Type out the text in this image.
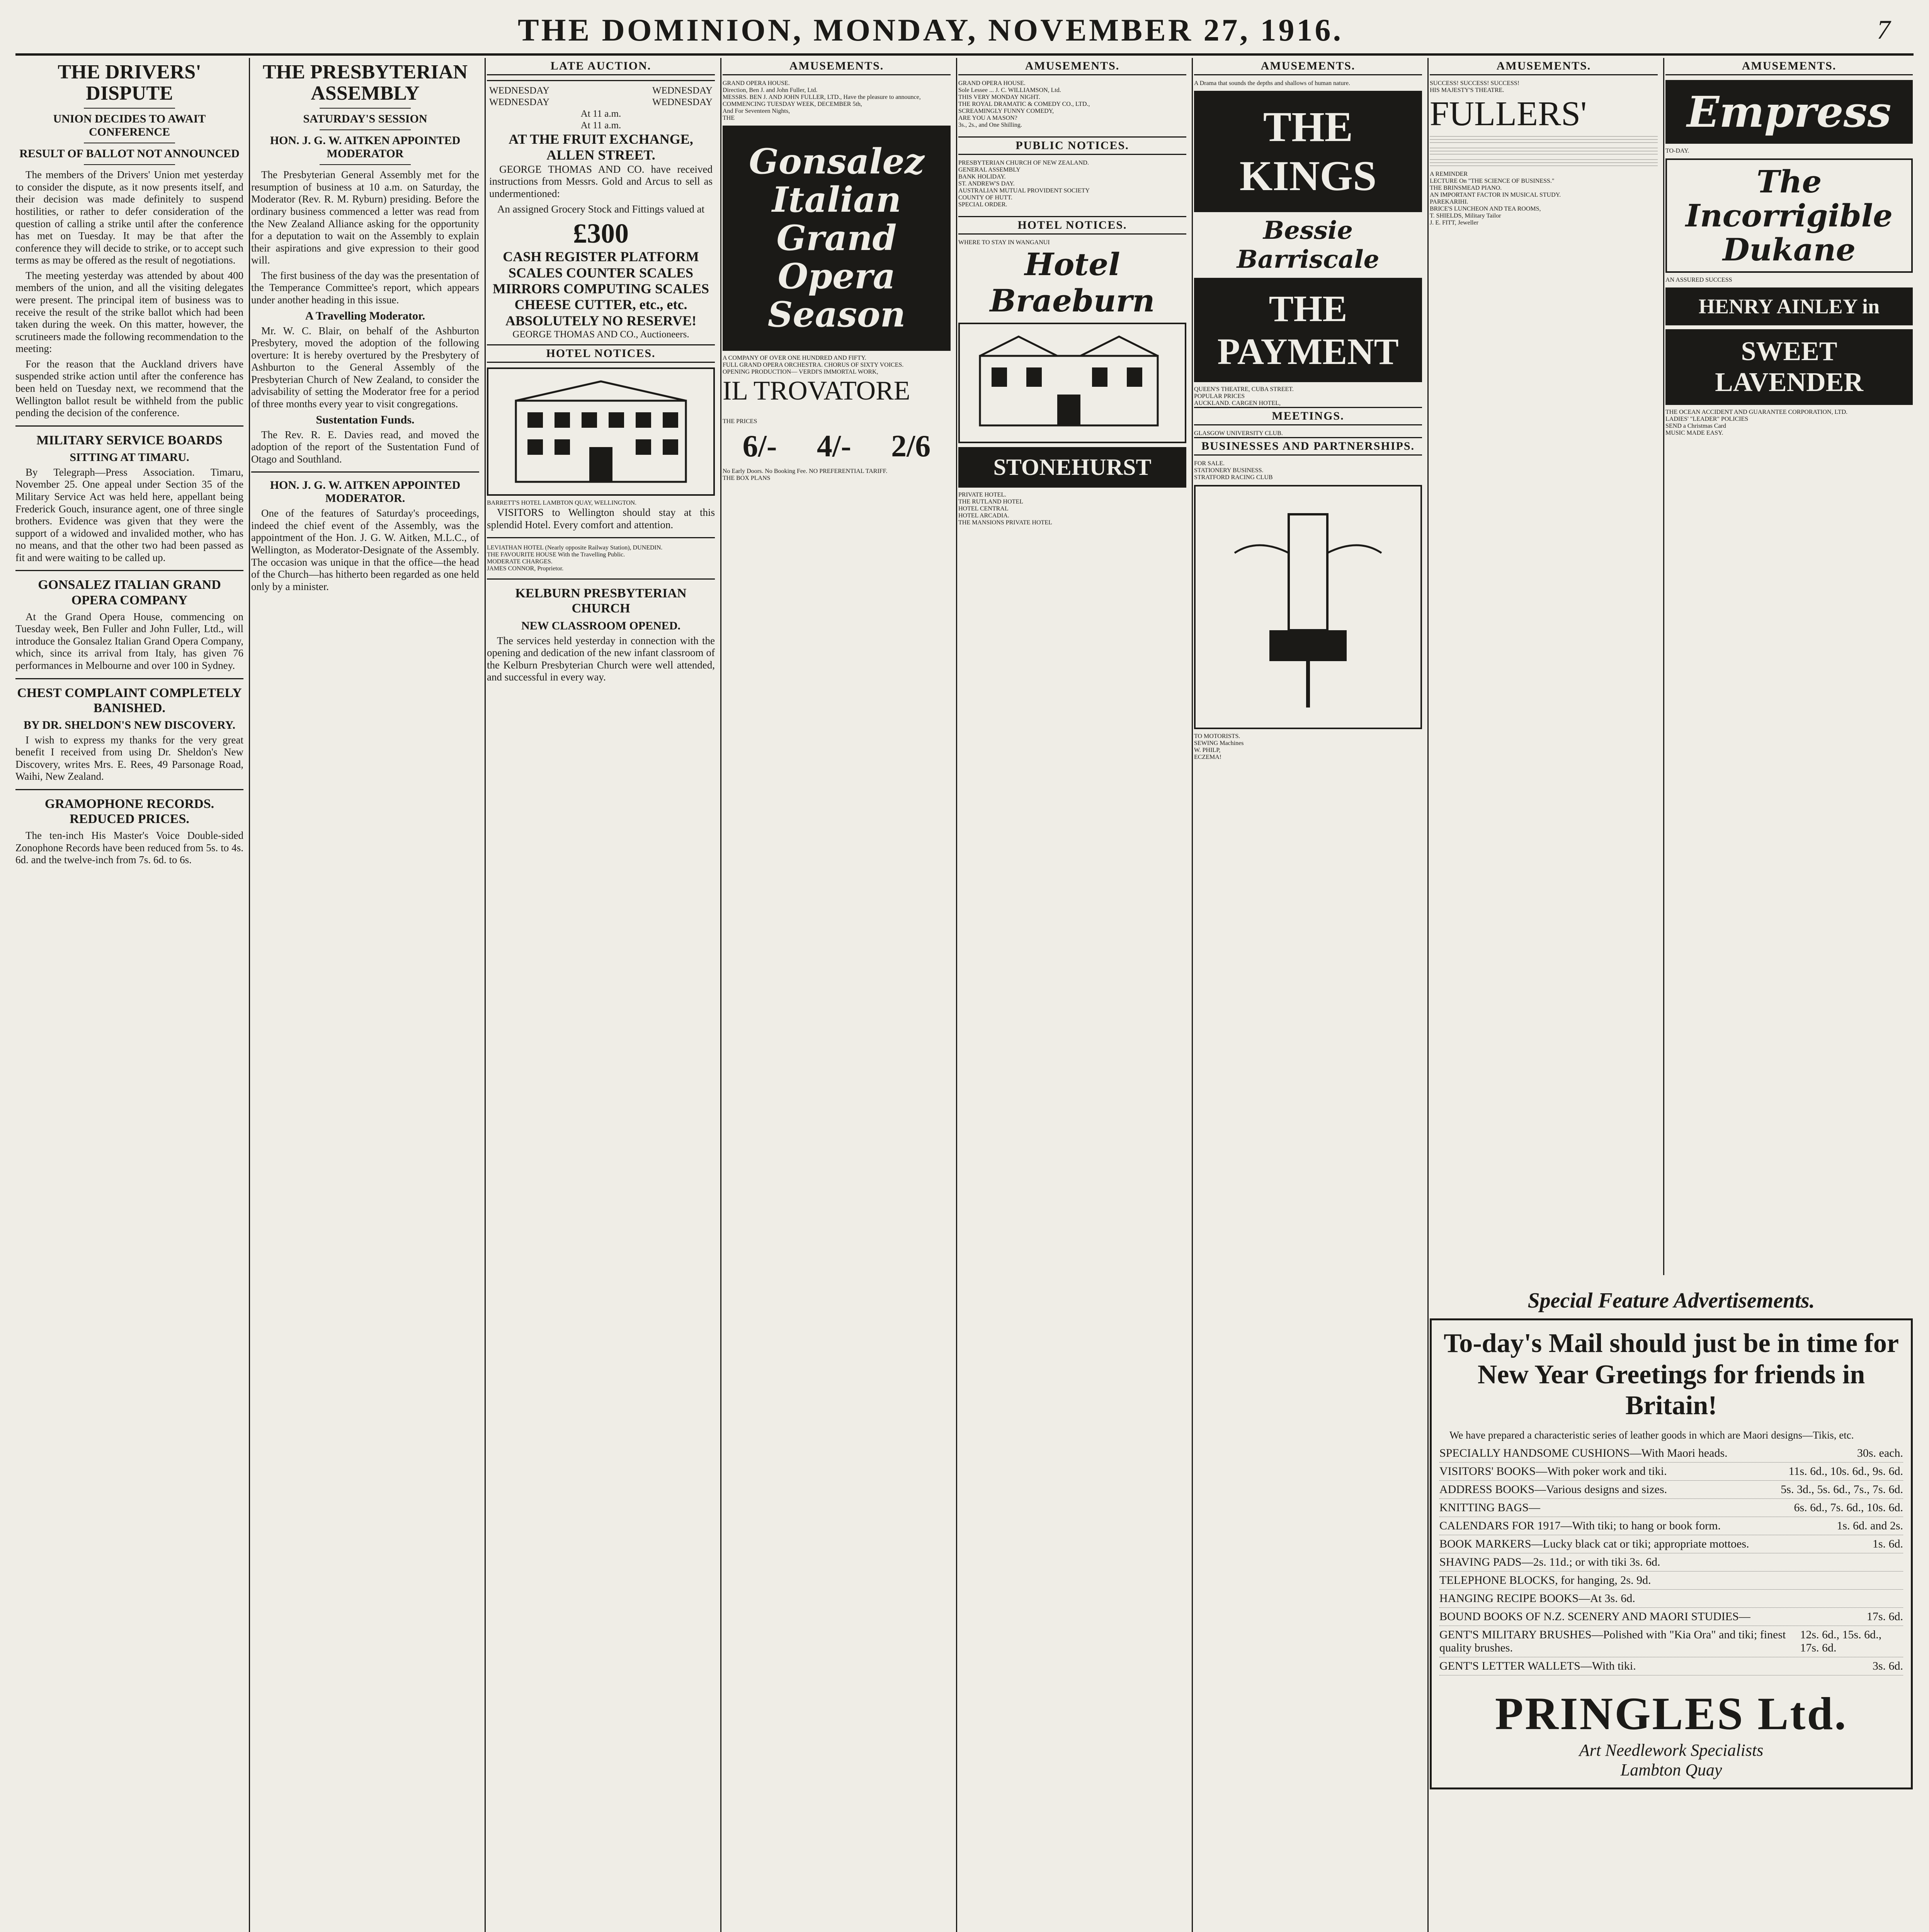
THE DOMINION, MONDAY, NOVEMBER 27, 1916.	7
THE DRIVERS' DISPUTE
UNION DECIDES TO AWAIT CONFERENCE
RESULT OF BALLOT NOT ANNOUNCED

The members of the Drivers' Union met yesterday to consider the dispute, as it now presents itself, and their decision was made definitely to suspend hostilities, or rather to defer consideration of the question of calling a strike until after the conference has met on Tuesday. It may be that after the conference they will decide to strike, or to accept such terms as may be offered as the result of negotiations.

The meeting yesterday was attended by about 400 members of the union, and all the visiting delegates were present. The principal item of business was to receive the result of the strike ballot which had been taken during the week. On this matter, however, the scrutineers made the following recommendation to the meeting:

For the reason that the Auckland drivers have suspended strike action until after the conference has been held on Tuesday next, we recommend that the Wellington ballot result be withheld from the public pending the decision of the conference.

MILITARY SERVICE BOARDS
SITTING AT TIMARU.

By Telegraph—Press Association. Timaru, November 25. One appeal under Section 35 of the Military Service Act was held here, appellant being Frederick Gouch, insurance agent, one of three single brothers. Evidence was given that they were the support of a widowed and invalided mother, who has no means, and that the other two had been passed as fit and were waiting to be called up.

GONSALEZ ITALIAN GRAND OPERA COMPANY

At the Grand Opera House, commencing on Tuesday week, Ben Fuller and John Fuller, Ltd., will introduce the Gonsalez Italian Grand Opera Company, which, since its arrival from Italy, has given 76 performances in Melbourne and over 100 in Sydney.

CHEST COMPLAINT COMPLETELY BANISHED.
BY DR. SHELDON'S NEW DISCOVERY.

I wish to express my thanks for the very great benefit I received from using Dr. Sheldon's New Discovery, writes Mrs. E. Rees, 49 Parsonage Road, Waihi, New Zealand.

GRAMOPHONE RECORDS. REDUCED PRICES.

The ten-inch His Master's Voice Double-sided Zonophone Records have been reduced from 5s. to 4s. 6d. and the twelve-inch from 7s. 6d. to 6s.

THE PRESBYTERIAN ASSEMBLY
SATURDAY'S SESSION
HON. J. G. W. AITKEN APPOINTED MODERATOR

The Presbyterian General Assembly met for the resumption of business at 10 a.m. on Saturday, the Moderator (Rev. R. M. Ryburn) presiding. Before the ordinary business commenced a letter was read from the New Zealand Alliance asking for the opportunity for a deputation to wait on the Assembly to explain their aspirations and give expression to their good will.

The first business of the day was the presentation of the Temperance Committee's report, which appears under another heading in this issue.

A Travelling Moderator.

Mr. W. C. Blair, on behalf of the Ashburton Presbytery, moved the adoption of the following overture: It is hereby overtured by the Presbytery of Ashburton to the General Assembly of the Presbyterian Church of New Zealand, to consider the advisability of setting the Moderator free for a period of three months every year to visit congregations.

Sustentation Funds.

The Rev. R. E. Davies read, and moved the adoption of the report of the Sustentation Fund of Otago and Southland.

HON. J. G. W. AITKEN APPOINTED MODERATOR.

One of the features of Saturday's proceedings, indeed the chief event of the Assembly, was the appointment of the Hon. J. G. W. Aitken, M.L.C., of Wellington, as Moderator-Designate of the Assembly. The occasion was unique in that the office—the head of the Church—has hitherto been regarded as one held only by a minister.

LATE AUCTION.
WEDNESDAY	WEDNESDAY
WEDNESDAY	WEDNESDAY
At 11 a.m.
At 11 a.m.
AT THE FRUIT EXCHANGE, ALLEN STREET.

GEORGE THOMAS AND CO. have received instructions from Messrs. Gold and Arcus to sell as undermentioned:

An assigned Grocery Stock and Fittings valued at

£300
CASH REGISTER PLATFORM SCALES COUNTER SCALES MIRRORS COMPUTING SCALES CHEESE CUTTER, etc., etc.
ABSOLUTELY NO RESERVE!
GEORGE THOMAS AND CO., Auctioneers.
HOTEL NOTICES.
BARRETT'S HOTEL LAMBTON QUAY, WELLINGTON.

VISITORS to Wellington should stay at this splendid Hotel. Every comfort and attention.

LEVIATHAN HOTEL (Nearly opposite Railway Station), DUNEDIN.
THE FAVOURITE HOUSE With the Travelling Public.
MODERATE CHARGES.
JAMES CONNOR, Proprietor.
KELBURN PRESBYTERIAN CHURCH
NEW CLASSROOM OPENED.

The services held yesterday in connection with the opening and dedication of the new infant classroom of the Kelburn Presbyterian Church were well attended, and successful in every way.

AMUSEMENTS.
GRAND OPERA HOUSE.
Direction, Ben J. and John Fuller, Ltd.
MESSRS. BEN J. AND JOHN FULLER, LTD., Have the pleasure to announce,
COMMENCING TUESDAY WEEK, DECEMBER 5th,
And For Seventeen Nights,
THE
Gonsalez Italian Grand Opera Season
A COMPANY OF OVER ONE HUNDRED AND FIFTY.
FULL GRAND OPERA ORCHESTRA. CHORUS OF SIXTY VOICES.
OPENING PRODUCTION— VERDI'S IMMORTAL WORK,
IL TROVATORE
THE PRICES
6/- 4/- 2/6
No Early Doors. No Booking Fee. NO PREFERENTIAL TARIFF.
THE BOX PLANS
AMUSEMENTS.
GRAND OPERA HOUSE.
Sole Lessee ... J. C. WILLIAMSON, Ltd.
THIS VERY MONDAY NIGHT.
THE ROYAL DRAMATIC & COMEDY CO., LTD.,
SCREAMINGLY FUNNY COMEDY,
ARE YOU A MASON?
3s., 2s., and One Shilling.
PUBLIC NOTICES.
PRESBYTERIAN CHURCH OF NEW ZEALAND.
GENERAL ASSEMBLY
BANK HOLIDAY.
ST. ANDREW'S DAY.
AUSTRALIAN MUTUAL PROVIDENT SOCIETY
COUNTY OF HUTT.
SPECIAL ORDER.
HOTEL NOTICES.
WHERE TO STAY IN WANGANUI
Hotel Braeburn
STONEHURST
PRIVATE HOTEL.
THE RUTLAND HOTEL
HOTEL CENTRAL
HOTEL ARCADIA.
THE MANSIONS PRIVATE HOTEL
AMUSEMENTS.
A Drama that sounds the depths and shallows of human nature.
THE KINGS
Bessie Barriscale
THE PAYMENT
QUEEN'S THEATRE, CUBA STREET.
POPULAR PRICES
AUCKLAND. CARGEN HOTEL,
MEETINGS.
GLASGOW UNIVERSITY CLUB.
BUSINESSES AND PARTNERSHIPS.
FOR SALE.
STATIONERY BUSINESS.
STRATFORD RACING CLUB
TO MOTORISTS.
SEWING Machines
W. PHILP,
ECZEMA!
AMUSEMENTS.
SUCCESS! SUCCESS! SUCCESS!
HIS MAJESTY'S THEATRE.
FULLERS'
A REMINDER
LECTURE On "THE SCIENCE OF BUSINESS."
THE BRINSMEAD PIANO.
AN IMPORTANT FACTOR IN MUSICAL STUDY.
PAREKARIHI.
BRICE'S LUNCHEON AND TEA ROOMS,
T. SHIELDS, Military Tailor
J. E. FITT, Jeweller
AMUSEMENTS.
Empress
TO-DAY.
The Incorrigible Dukane
AN ASSURED SUCCESS
HENRY AINLEY in
SWEET LAVENDER
THE OCEAN ACCIDENT AND GUARANTEE CORPORATION, LTD.
LADIES' "LEADER" POLICIES
SEND a Christmas Card
MUSIC MADE EASY.
Special Feature Advertisements.
To-day's Mail should just be in time for New Year Greetings for friends in Britain!

We have prepared a characteristic series of leather goods in which are Maori designs—Tikis, etc.

SPECIALLY HANDSOME CUSHIONS—With Maori heads.	30s. each.
VISITORS' BOOKS—With poker work and tiki.	11s. 6d., 10s. 6d., 9s. 6d.
ADDRESS BOOKS—Various designs and sizes.	5s. 3d., 5s. 6d., 7s., 7s. 6d.
KNITTING BAGS—	6s. 6d., 7s. 6d., 10s. 6d.
CALENDARS FOR 1917—With tiki; to hang or book form.	1s. 6d. and 2s.
BOOK MARKERS—Lucky black cat or tiki; appropriate mottoes.	1s. 6d.
SHAVING PADS—2s. 11d.; or with tiki 3s. 6d.
TELEPHONE BLOCKS, for hanging, 2s. 9d.
HANGING RECIPE BOOKS—At 3s. 6d.
BOUND BOOKS OF N.Z. SCENERY AND MAORI STUDIES—	17s. 6d.
GENT'S MILITARY BRUSHES—Polished with "Kia Ora" and tiki; finest quality brushes.
12s. 6d., 15s. 6d., 17s. 6d.
GENT'S LETTER WALLETS—With tiki.	3s. 6d.
PRINGLES Ltd.
Art Needlework Specialists
Lambton Quay
